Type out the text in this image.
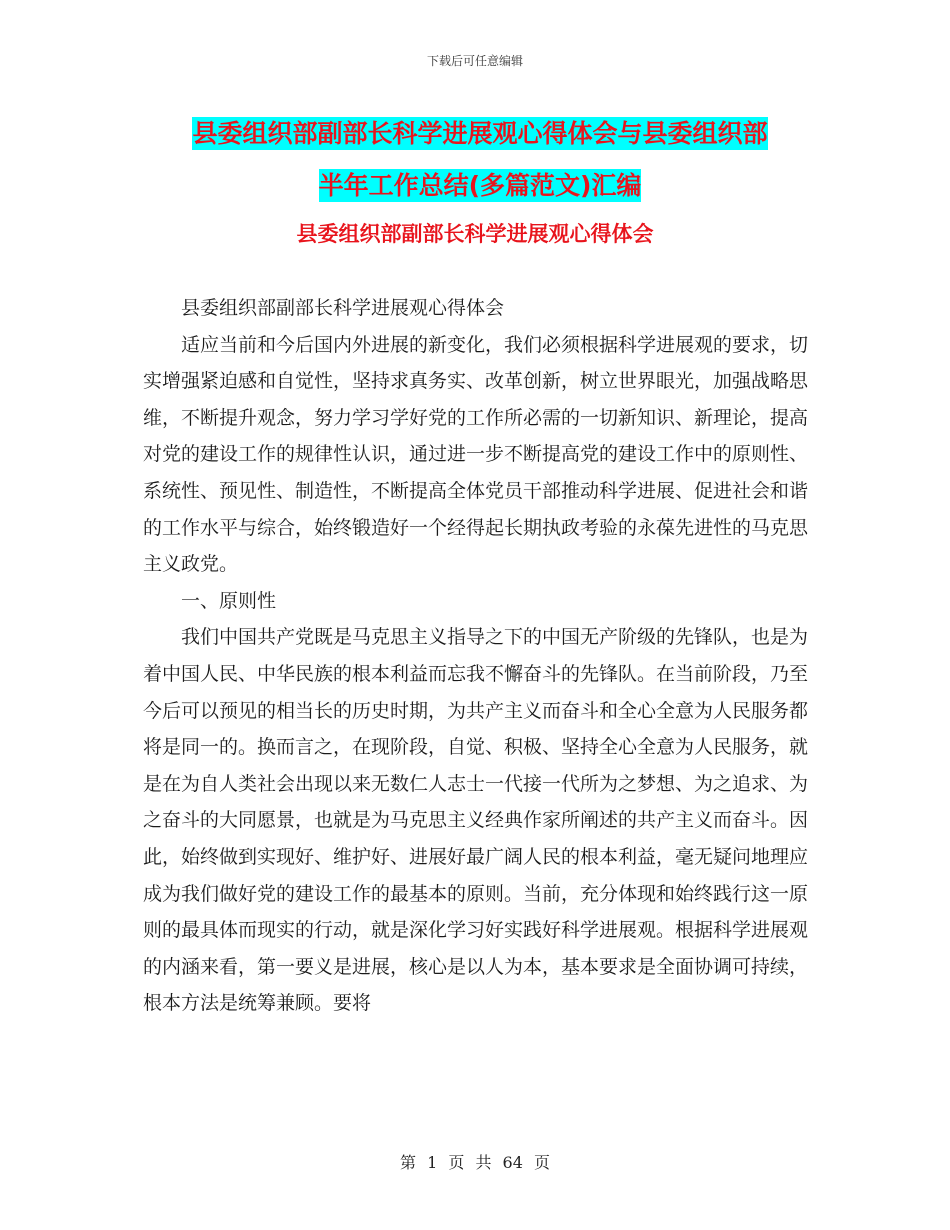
下载后可任意编辑
县委组织部副部长科学进展观心得体会与县委组织部
半年工作总结(多篇范文)汇编
县委组织部副部长科学进展观心得体会

县委组织部副部长科学进展观心得体会

适应当前和今后国内外进展的新变化，我们必须根据科学进展观的要求，切实增强紧迫感和自觉性，坚持求真务实、改革创新，树立世界眼光，加强战略思维，不断提升观念，努力学习学好党的工作所必需的一切新知识、新理论，提高对党的建设工作的规律性认识，通过进一步不断提高党的建设工作中的原则性、系统性、预见性、制造性，不断提高全体党员干部推动科学进展、促进社会和谐的工作水平与综合，始终锻造好一个经得起长期执政考验的永葆先进性的马克思主义政党。

一、原则性

我们中国共产党既是马克思主义指导之下的中国无产阶级的先锋队，也是为着中国人民、中华民族的根本利益而忘我不懈奋斗的先锋队。在当前阶段，乃至今后可以预见的相当长的历史时期，为共产主义而奋斗和全心全意为人民服务都将是同一的。换而言之，在现阶段，自觉、积极、坚持全心全意为人民服务，就是在为自人类社会出现以来无数仁人志士一代接一代所为之梦想、为之追求、为之奋斗的大同愿景，也就是为马克思主义经典作家所阐述的共产主义而奋斗。因此，始终做到实现好、维护好、进展好最广阔人民的根本利益，毫无疑问地理应成为我们做好党的建设工作的最基本的原则。当前，充分体现和始终践行这一原则的最具体而现实的行动，就是深化学习好实践好科学进展观。根据科学进展观的内涵来看，第一要义是进展，核心是以人为本，基本要求是全面协调可持续，根本方法是统筹兼顾。要将

第 1 页 共 64 页
